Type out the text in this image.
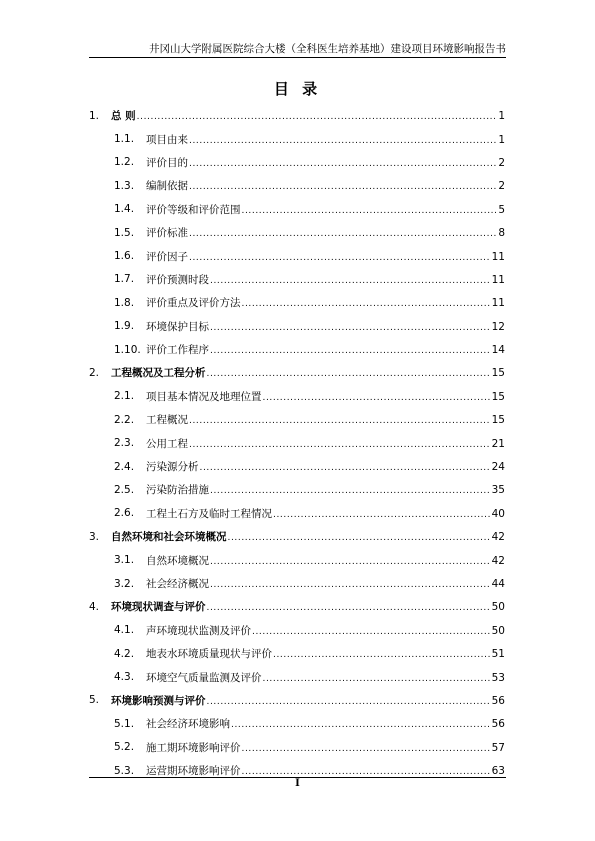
井冈山大学附属医院综合大楼（全科医生培养基地）建设项目环境影响报告书
目 录
1.	总 则 .....	1
1.1.	项目由来 .....	1
1.2.	评价目的 .....	2
1.3.	编制依据 .....	2
1.4.	评价等级和评价范围 .....	5
1.5.	评价标准 .....	8
1.6.	评价因子 .....	11
1.7.	评价预测时段 .....	11
1.8.	评价重点及评价方法 .....	11
1.9.	环境保护目标 .....	12
1.10. 评价工作程序 .....	14
2.	工程概况及工程分析 .....	15
2.1.	项目基本情况及地理位置 .....	15
2.2.	工程概况 .....	15
2.3.	公用工程 .....	21
2.4.	污染源分析 .....	24
2.5.	污染防治措施 .....	35
2.6.	工程土石方及临时工程情况 .....	40
3.	自然环境和社会环境概况 .....	42
3.1.	自然环境概况 .....	42
3.2.	社会经济概况 .....	44
4.	环境现状调查与评价 .....	50
4.1.	声环境现状监测及评价 .....	50
4.2.	地表水环境质量现状与评价 .....	51
4.3.	环境空气质量监测及评价 .....	53
5.	环境影响预测与评价 .....	56
5.1.	社会经济环境影响 .....	56
5.2.	施工期环境影响评价 .....	57
5.3.	运营期环境影响评价 .....	63
I
